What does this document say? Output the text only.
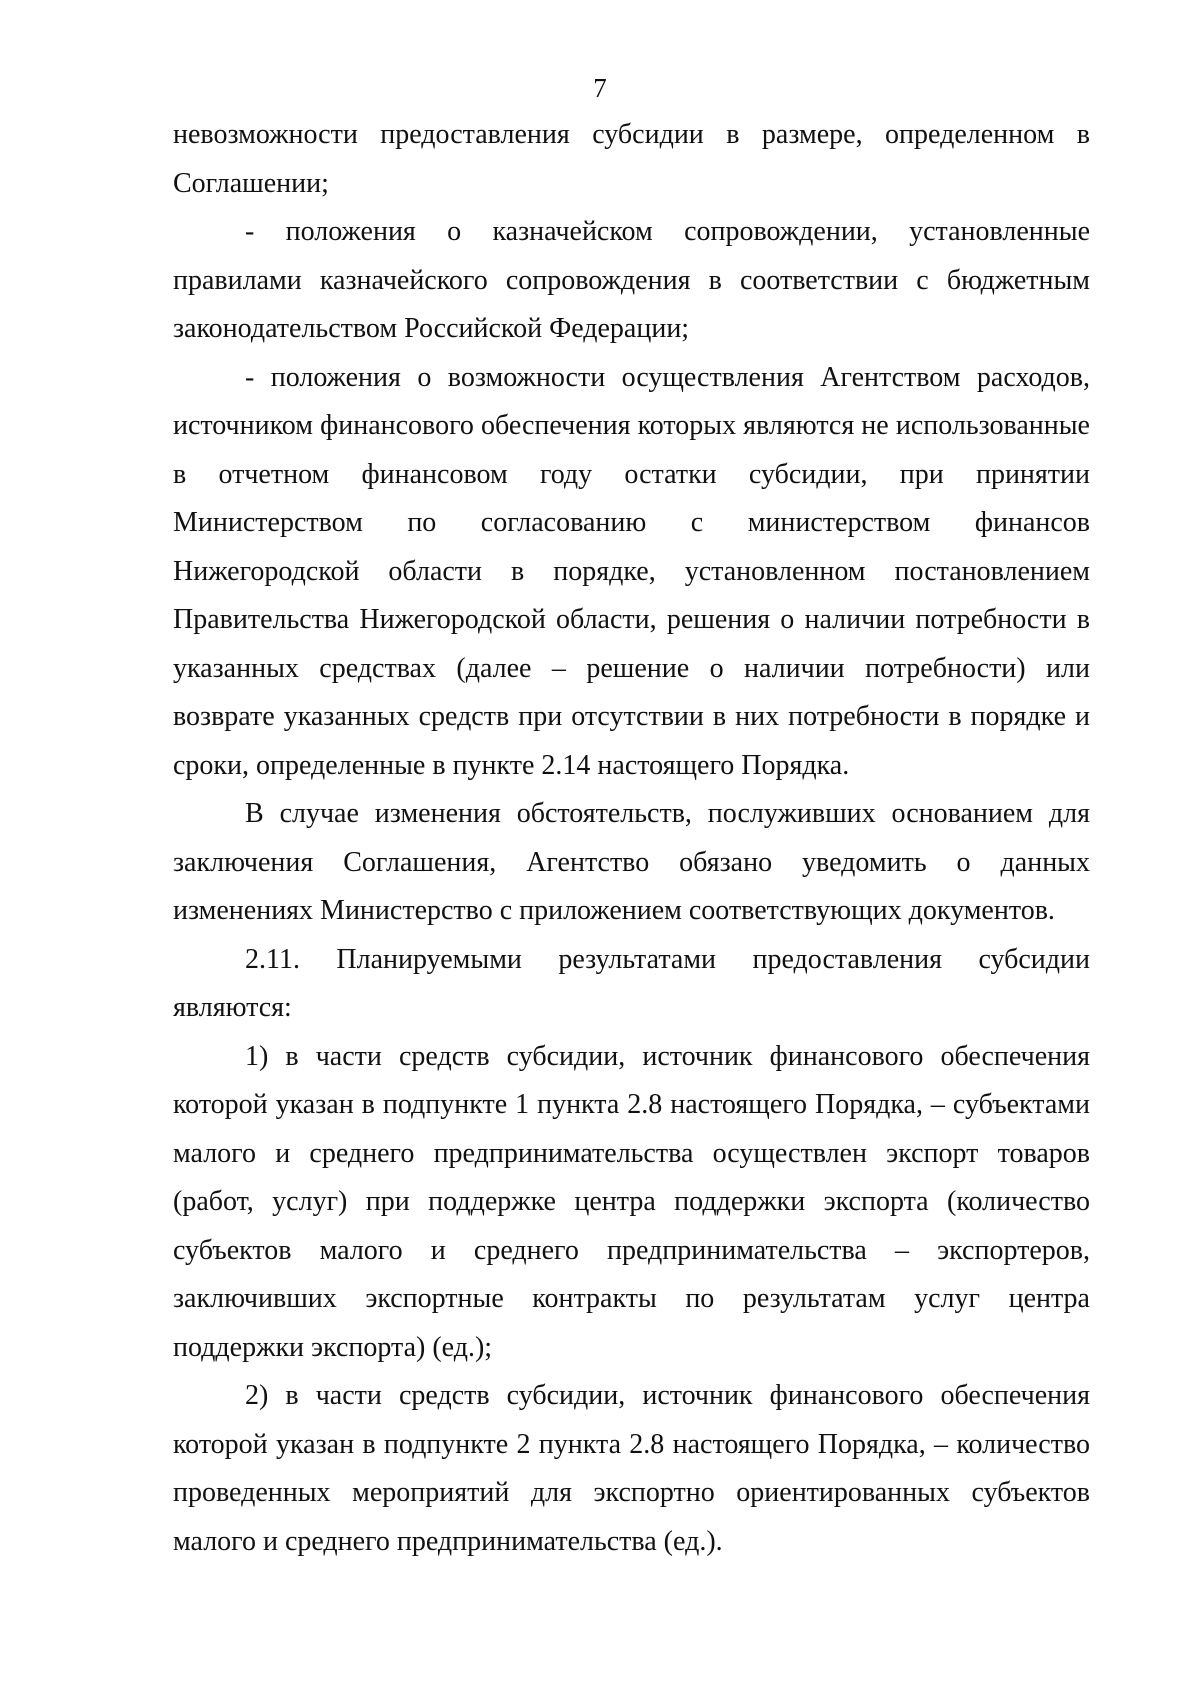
7

невозможности предоставления субсидии в размере, определенном в Соглашении;

- положения о казначейском сопровождении, установленные правилами казначейского сопровождения в соответствии с бюджетным законодательством Российской Федерации;

- положения о возможности осуществления Агентством расходов, источником финансового обеспечения которых являются не использованные в отчетном финансовом году остатки субсидии, при принятии Министерством по согласованию с министерством финансов Нижегородской области в порядке, установленном постановлением Правительства Нижегородской области, решения о наличии потребности в указанных средствах (далее – решение о наличии потребности) или возврате указанных средств при отсутствии в них потребности в порядке и сроки, определенные в пункте 2.14 настоящего Порядка.

В случае изменения обстоятельств, послуживших основанием для заключения Соглашения, Агентство обязано уведомить о данных изменениях Министерство с приложением соответствующих документов.

2.11. Планируемыми результатами предоставления субсидии являются:

1) в части средств субсидии, источник финансового обеспечения которой указан в подпункте 1 пункта 2.8 настоящего Порядка, – субъектами малого и среднего предпринимательства осуществлен экспорт товаров (работ, услуг) при поддержке центра поддержки экспорта (количество субъектов малого и среднего предпринимательства – экспортеров, заключивших экспортные контракты по результатам услуг центра поддержки экспорта) (ед.);

2) в части средств субсидии, источник финансового обеспечения которой указан в подпункте 2 пункта 2.8 настоящего Порядка, – количество проведенных мероприятий для экспортно ориентированных субъектов малого и среднего предпринимательства (ед.).
